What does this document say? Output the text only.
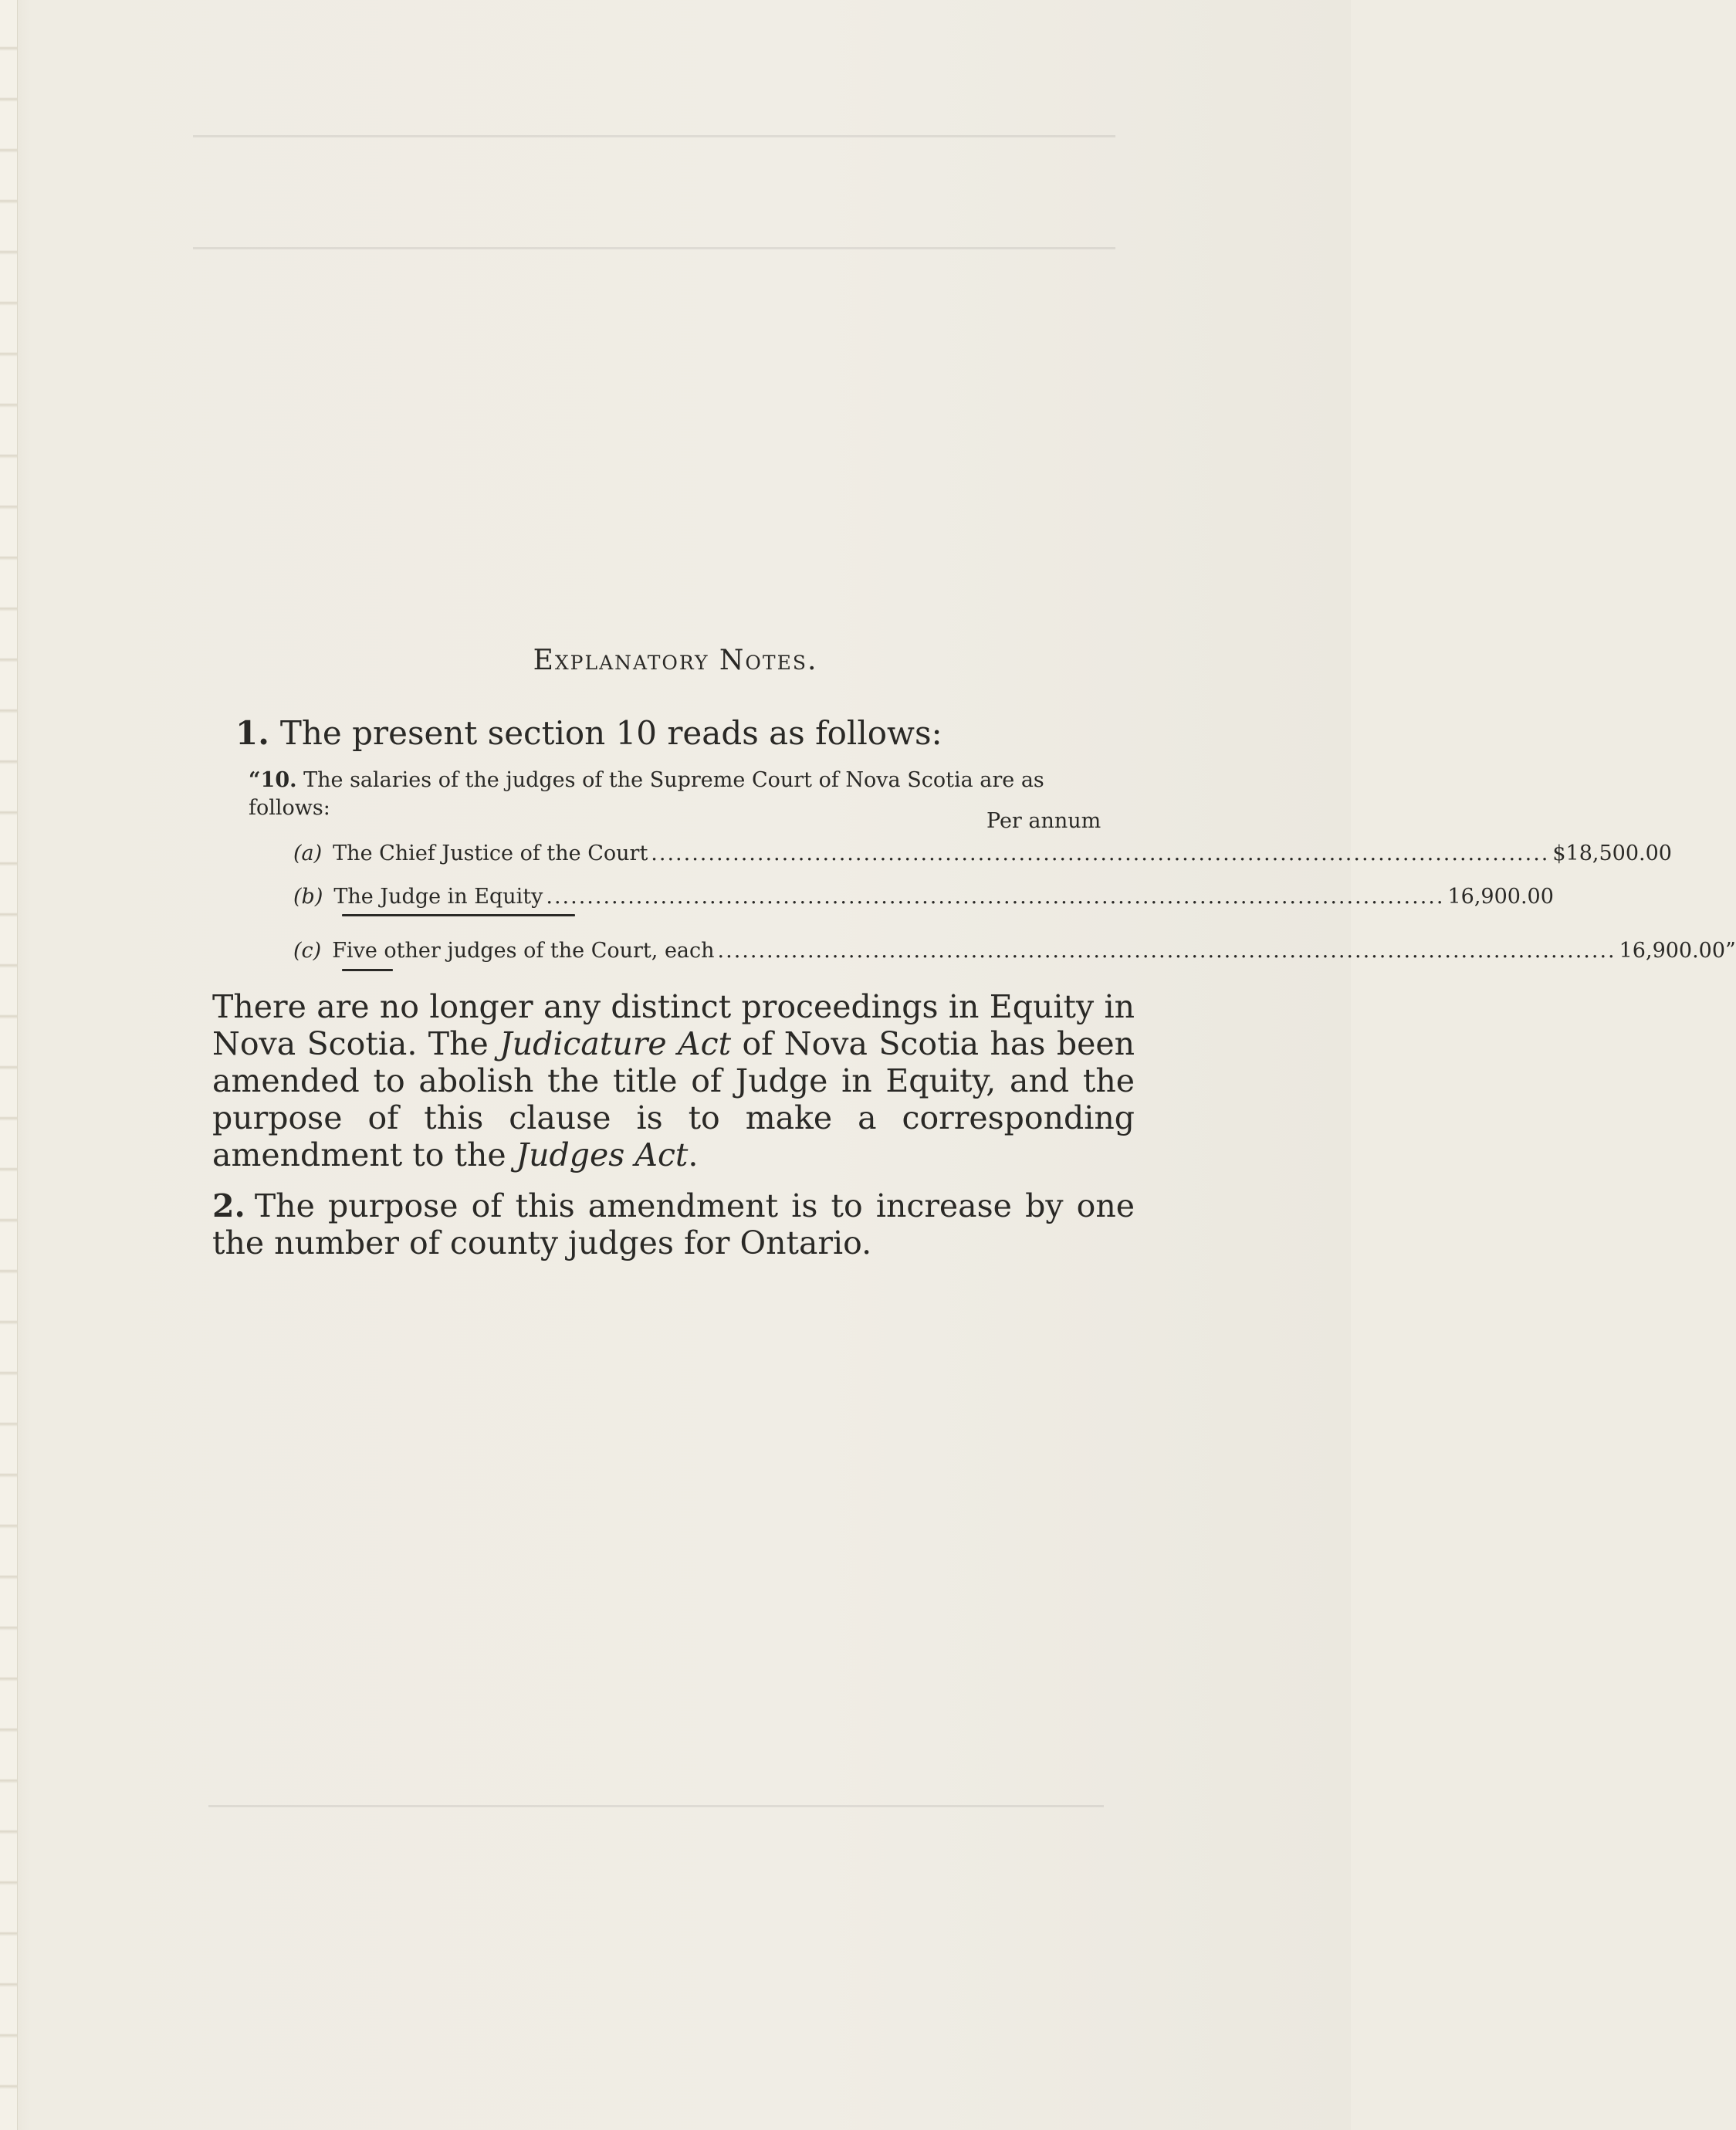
Explanatory Notes.
1. The present section 10 reads as follows:
“10. The salaries of the judges of the Supreme Court of Nova Scotia are as follows:
Per annum
(a) The Chief Justice of the Court .............................................................................................................. $18,500.00
(b) The Judge in Equity .............................................................................................................. 16,900.00
(c) Five other judges of the Court, each .............................................................................................................. 16,900.00”
There are no longer any distinct proceedings in Equity in Nova Scotia. The Judicature Act of Nova Scotia has been amended to abolish the title of Judge in Equity, and the purpose of this clause is to make a corresponding amendment to the Judges Act.
2. The purpose of this amendment is to increase by one the number of county judges for Ontario.
